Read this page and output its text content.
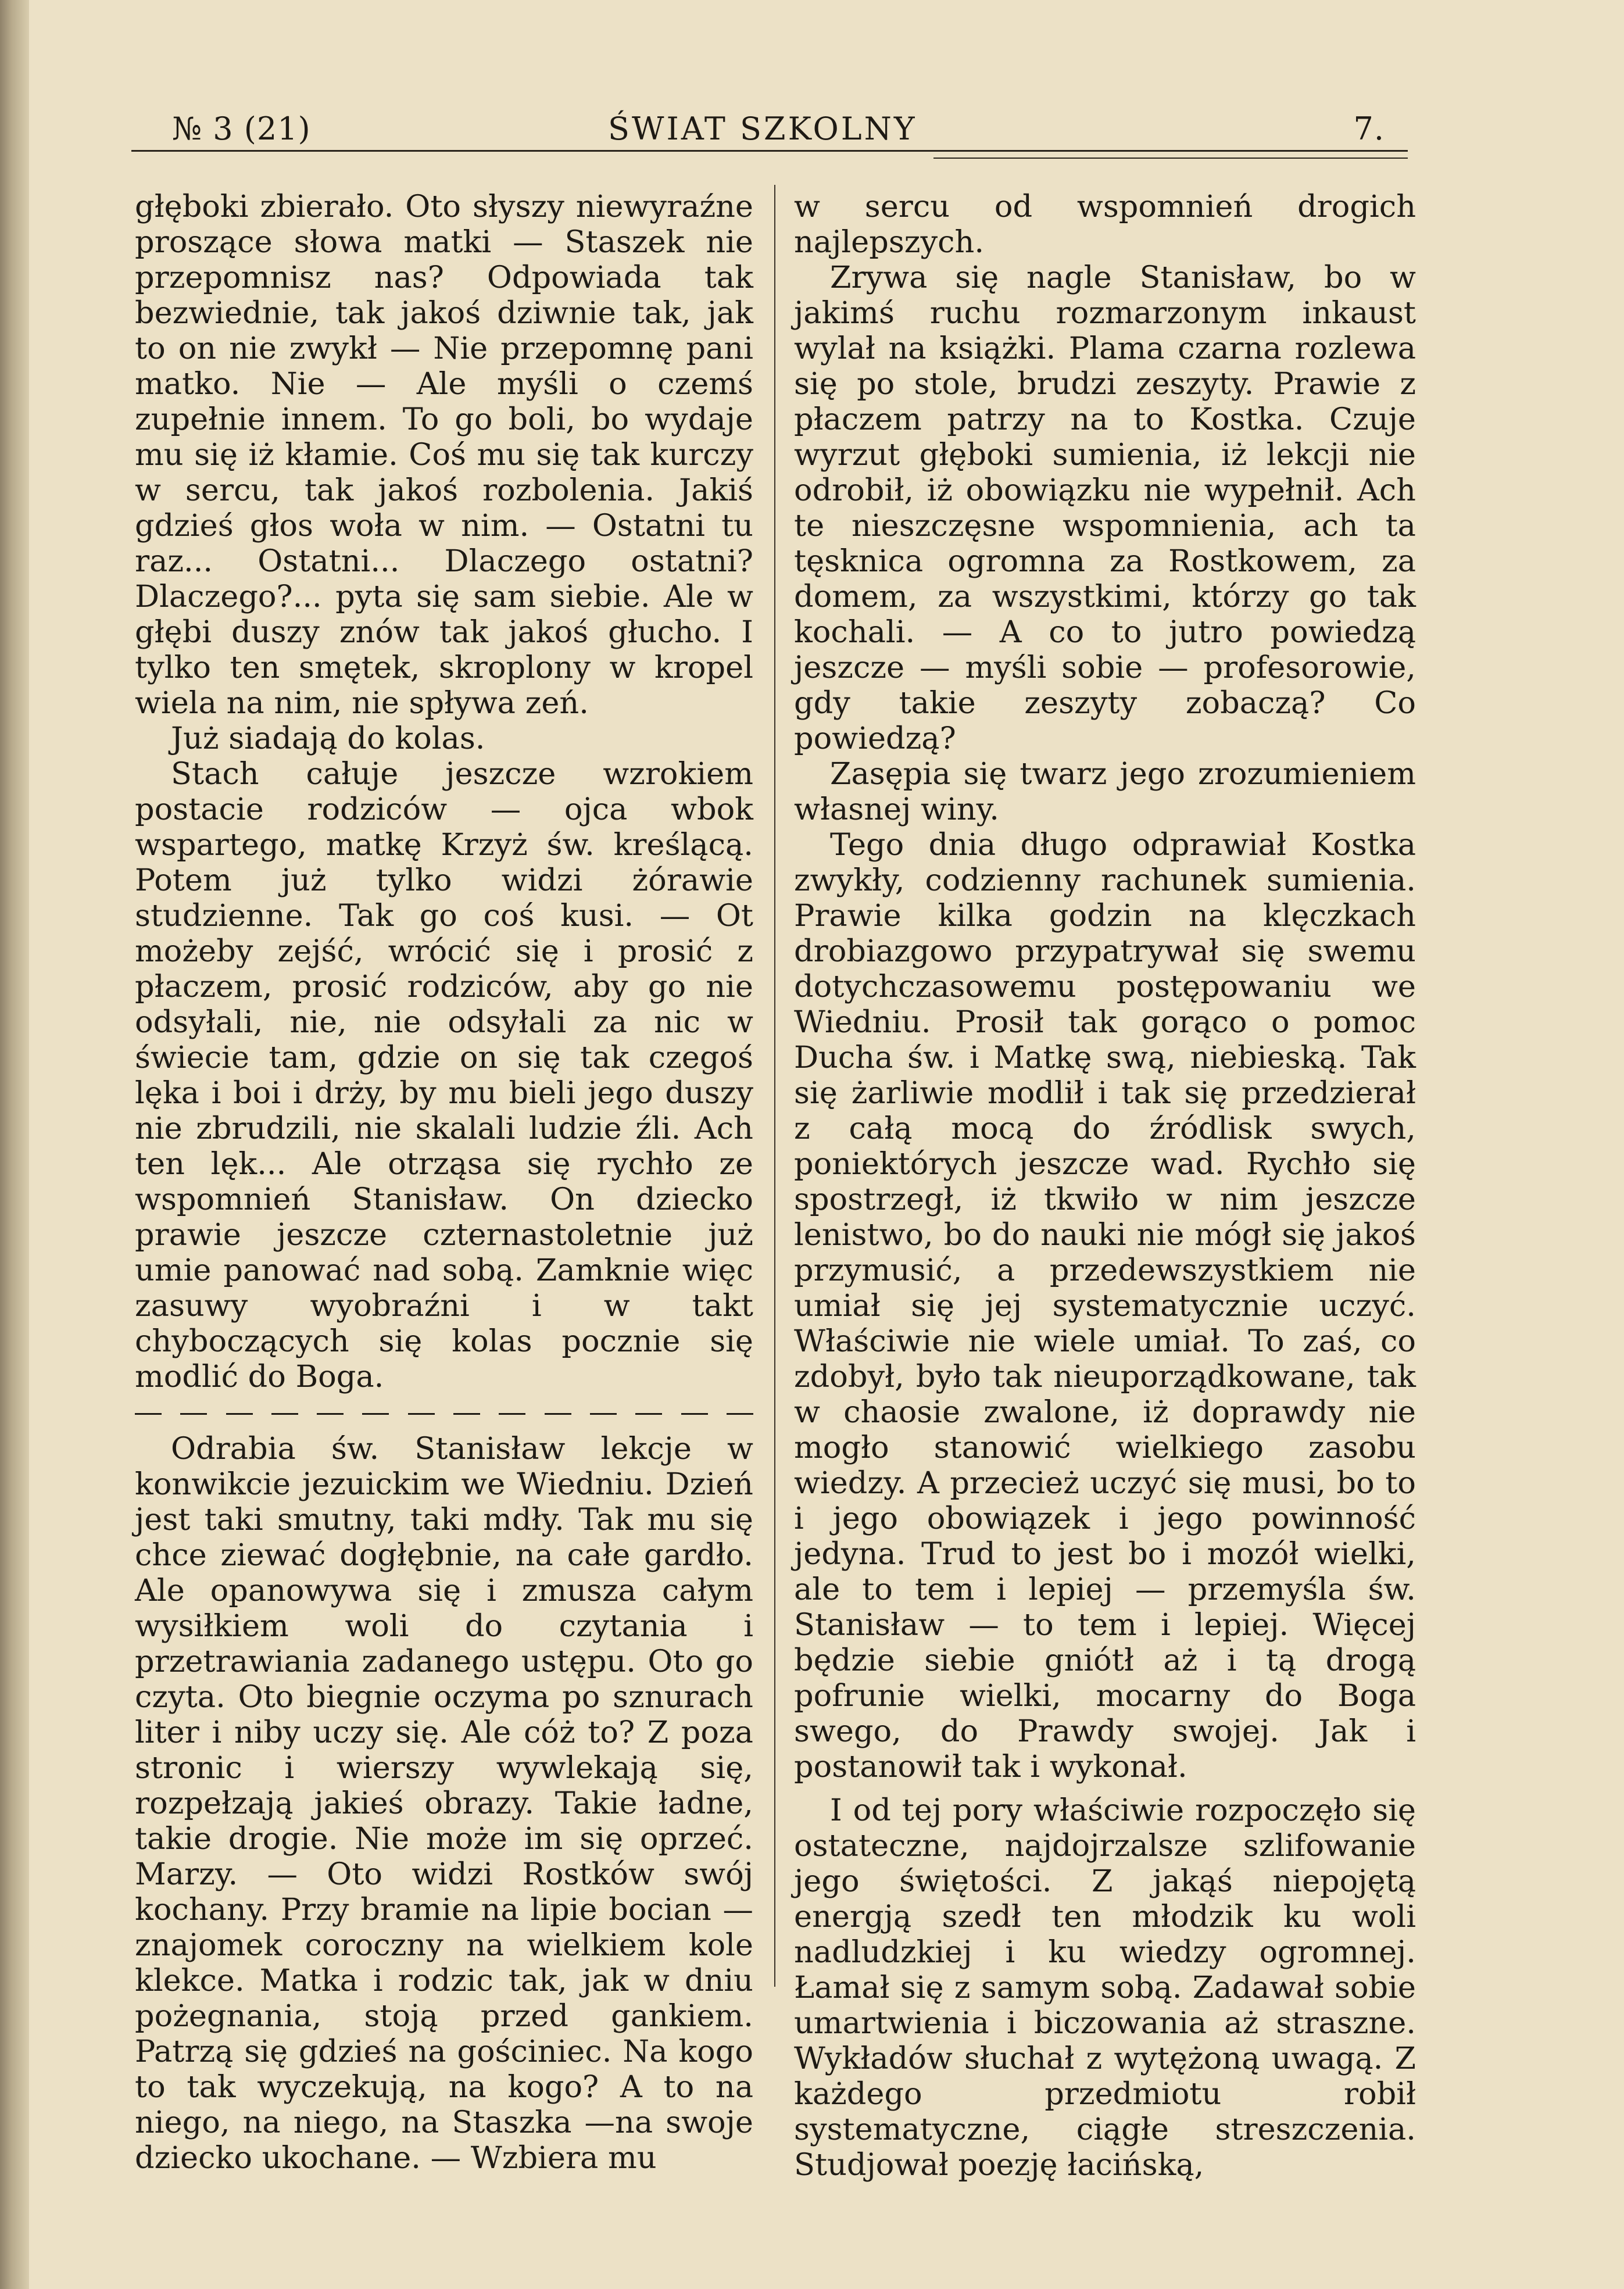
№ 3 (21)	ŚWIAT SZKOLNY	7.

głęboki zbierało. Oto słyszy niewyraźne proszące słowa matki — Staszek nie przepomnisz nas? Odpowiada tak bezwiednie, tak jakoś dziwnie tak, jak to on nie zwykł — Nie przepomnę pani matko. Nie — Ale myśli o czemś zupełnie innem. To go boli, bo wydaje mu się iż kłamie. Coś mu się tak kurczy w sercu, tak jakoś rozbolenia. Jakiś gdzieś głos woła w nim. — Ostatni tu raz... Ostatni... Dlaczego ostatni? Dlaczego?... pyta się sam siebie. Ale w głębi duszy znów tak jakoś głucho. I tylko ten smętek, skroplony w kropel wiela na nim, nie spływa zeń.

Już siadają do kolas.

Stach całuje jeszcze wzrokiem postacie rodziców — ojca wbok wspartego, matkę Krzyż św. kreślącą. Potem już tylko widzi żórawie studzienne. Tak go coś kusi. — Ot możeby zejść, wrócić się i prosić z płaczem, prosić rodziców, aby go nie odsyłali, nie, nie odsyłali za nic w świecie tam, gdzie on się tak czegoś lęka i boi i drży, by mu bieli jego duszy nie zbrudzili, nie skalali ludzie źli. Ach ten lęk... Ale otrząsa się rychło ze wspomnień Stanisław. On dziecko prawie jeszcze czternastoletnie już umie panować nad sobą. Zamknie więc zasuwy wyobraźni i w takt chyboczących się kolas pocznie się modlić do Boga.

Odrabia św. Stanisław lekcje w konwikcie jezuickim we Wiedniu. Dzień jest taki smutny, taki mdły. Tak mu się chce ziewać dogłębnie, na całe gardło. Ale opanowywa się i zmusza całym wysiłkiem woli do czytania i przetrawiania zadanego ustępu. Oto go czyta. Oto biegnie oczyma po sznurach liter i niby uczy się. Ale cóż to? Z poza stronic i wierszy wywlekają się, rozpełzają jakieś obrazy. Takie ładne, takie drogie. Nie może im się oprzeć. Marzy. — Oto widzi Rostków swój kochany. Przy bramie na lipie bocian — znajomek coroczny na wielkiem kole klekce. Matka i rodzic tak, jak w dniu pożegnania, stoją przed gankiem. Patrzą się gdzieś na gościniec. Na kogo to tak wyczekują, na kogo? A to na niego, na niego, na Staszka —na swoje dziecko ukochane. — Wzbiera mu

w sercu od wspomnień drogich najlepszych.

Zrywa się nagle Stanisław, bo w jakimś ruchu rozmarzonym inkaust wylał na książki. Plama czarna rozlewa się po stole, brudzi zeszyty. Prawie z płaczem patrzy na to Kostka. Czuje wyrzut głęboki sumienia, iż lekcji nie odrobił, iż obowiązku nie wypełnił. Ach te nieszczęsne wspomnienia, ach ta tęsknica ogromna za Rostkowem, za domem, za wszystkimi, którzy go tak kochali. — A co to jutro powiedzą jeszcze — myśli sobie — profesorowie, gdy takie zeszyty zobaczą? Co powiedzą?

Zasępia się twarz jego zrozumieniem własnej winy.

Tego dnia długo odprawiał Kostka zwykły, codzienny rachunek sumienia. Prawie kilka godzin na klęczkach drobiazgowo przypatrywał się swemu dotychczasowemu postępowaniu we Wiedniu. Prosił tak gorąco o pomoc Ducha św. i Matkę swą, niebieską. Tak się żarliwie modlił i tak się przedzierał z całą mocą do źródlisk swych, poniektórych jeszcze wad. Rychło się spostrzegł, iż tkwiło w nim jeszcze lenistwo, bo do nauki nie mógł się jakoś przymusić, a przedewszystkiem nie umiał się jej systematycznie uczyć. Właściwie nie wiele umiał. To zaś, co zdobył, było tak nieuporządkowane, tak w chaosie zwalone, iż doprawdy nie mogło stanowić wielkiego zasobu wiedzy. A przecież uczyć się musi, bo to i jego obowiązek i jego powinność jedyna. Trud to jest bo i mozół wielki, ale to tem i lepiej — przemyśla św. Stanisław — to tem i lepiej. Więcej będzie siebie gniótł aż i tą drogą pofrunie wielki, mocarny do Boga swego, do Prawdy swojej. Jak i postanowił tak i wykonał.

I od tej pory właściwie rozpoczęło się ostateczne, najdojrzalsze szlifowanie jego świętości. Z jakąś niepojętą energją szedł ten młodzik ku woli nadludzkiej i ku wiedzy ogromnej. Łamał się z samym sobą. Zadawał sobie umartwienia i biczowania aż straszne. Wykładów słuchał z wytężoną uwagą. Z każdego przedmiotu robił systematyczne, ciągłe streszczenia. Studjował poezję łacińską,
